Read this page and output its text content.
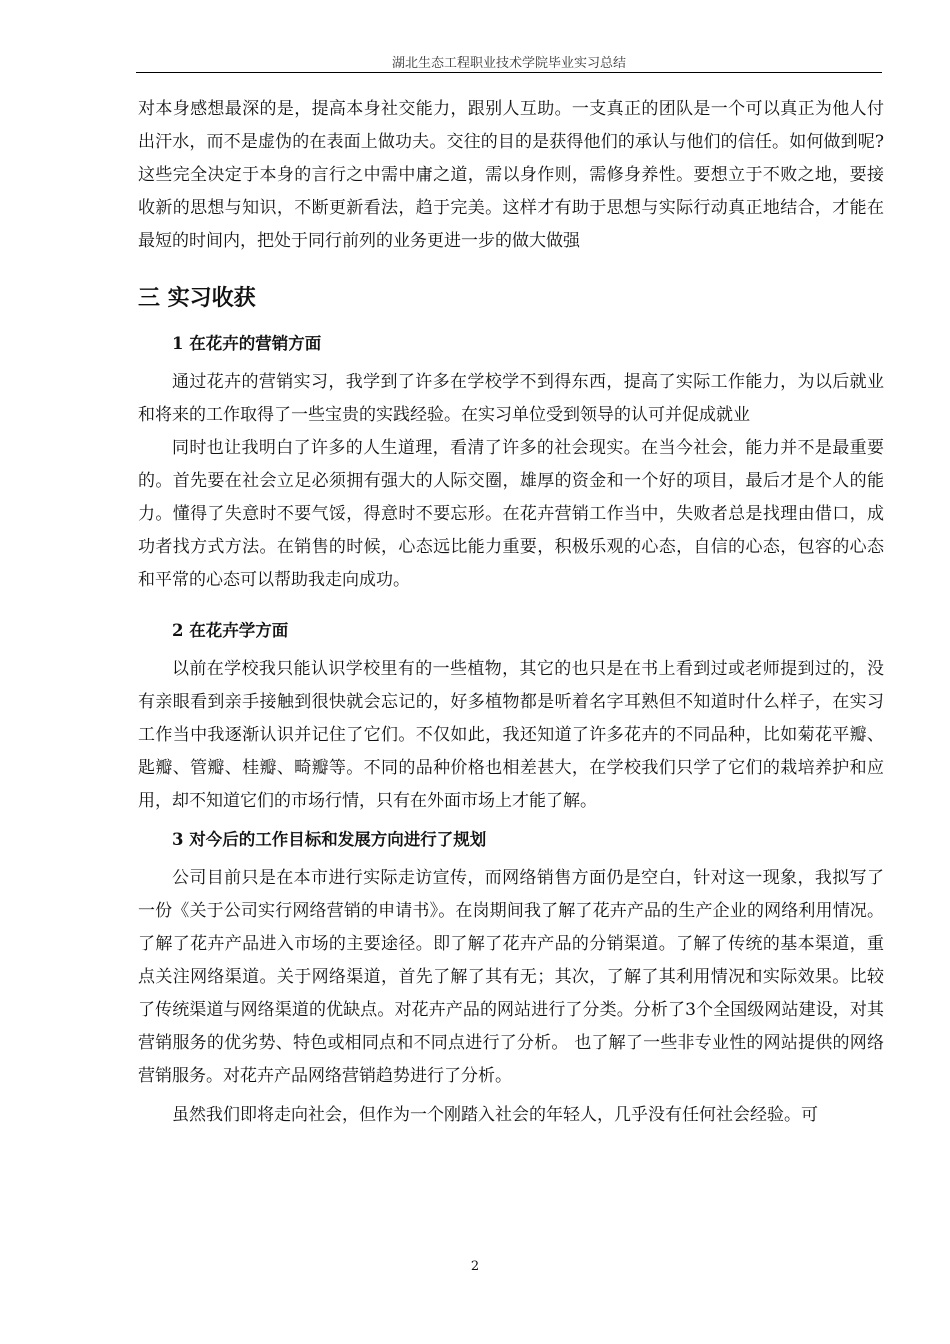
湖北生态工程职业技术学院毕业实习总结

对本身感想最深的是，提高本身社交能力，跟别人互助。一支真正的团队是一个可以真正为他人付出汗水，而不是虚伪的在表面上做功夫。交往的目的是获得他们的承认与他们的信任。如何做到呢?这些完全决定于本身的言行之中需中庸之道，需以身作则，需修身养性。要想立于不败之地，要接收新的思想与知识，不断更新看法，趋于完美。这样才有助于思想与实际行动真正地结合，才能在最短的时间内，把处于同行前列的业务更进一步的做大做强

三 实习收获
1 在花卉的营销方面

通过花卉的营销实习，我学到了许多在学校学不到得东西，提高了实际工作能力，为以后就业和将来的工作取得了一些宝贵的实践经验。在实习单位受到领导的认可并促成就业

同时也让我明白了许多的人生道理，看清了许多的社会现实。在当今社会，能力并不是最重要的。首先要在社会立足必须拥有强大的人际交圈，雄厚的资金和一个好的项目，最后才是个人的能力。懂得了失意时不要气馁，得意时不要忘形。在花卉营销工作当中，失败者总是找理由借口，成功者找方式方法。在销售的时候，心态远比能力重要，积极乐观的心态，自信的心态，包容的心态和平常的心态可以帮助我走向成功。

2 在花卉学方面

以前在学校我只能认识学校里有的一些植物，其它的也只是在书上看到过或老师提到过的，没有亲眼看到亲手接触到很快就会忘记的，好多植物都是听着名字耳熟但不知道时什么样子，在实习工作当中我逐渐认识并记住了它们。不仅如此，我还知道了许多花卉的不同品种，比如菊花平瓣、匙瓣、管瓣、桂瓣、畸瓣等。不同的品种价格也相差甚大，在学校我们只学了它们的栽培养护和应用，却不知道它们的市场行情，只有在外面市场上才能了解。

3 对今后的工作目标和发展方向进行了规划

公司目前只是在本市进行实际走访宣传，而网络销售方面仍是空白，针对这一现象，我拟写了一份《关于公司实行网络营销的申请书》。在岗期间我了解了花卉产品的生产企业的网络利用情况。了解了花卉产品进入市场的主要途径。即了解了花卉产品的分销渠道。了解了传统的基本渠道，重点关注网络渠道。关于网络渠道，首先了解了其有无；其次，了解了其利用情况和实际效果。比较了传统渠道与网络渠道的优缺点。对花卉产品的网站进行了分类。分析了3个全国级网站建设，对其营销服务的优劣势、特色或相同点和不同点进行了分析。 也了解了一些非专业性的网站提供的网络营销服务。对花卉产品网络营销趋势进行了分析。

虽然我们即将走向社会，但作为一个刚踏入社会的年轻人，几乎没有任何社会经验。可

2
